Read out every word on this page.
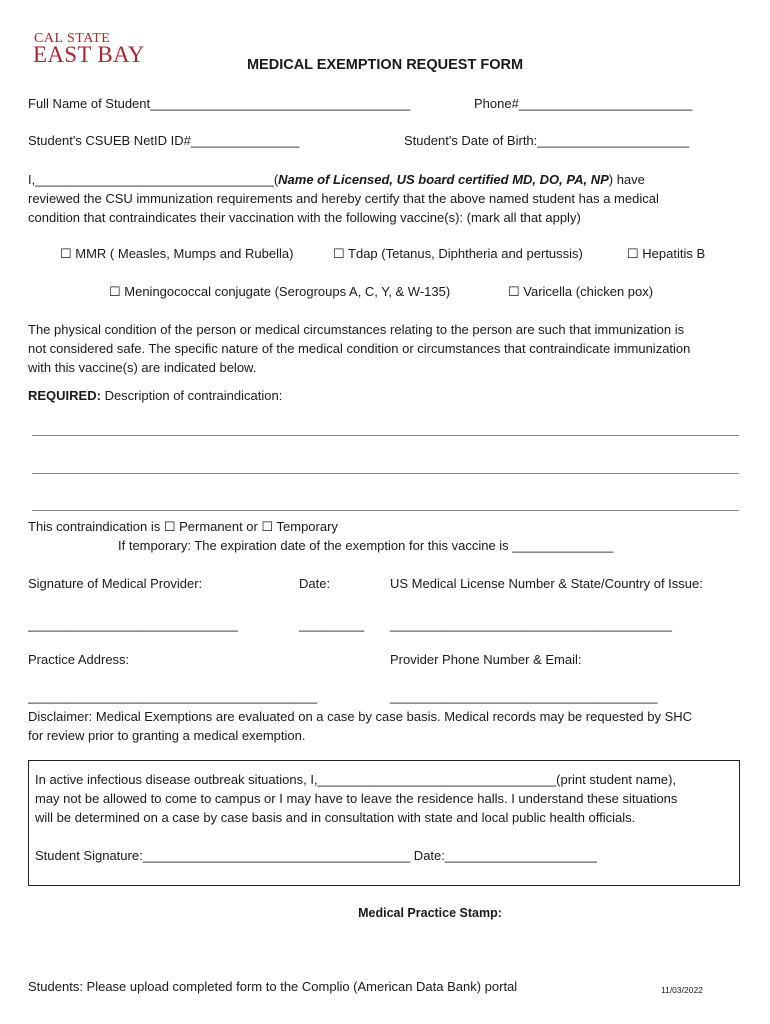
CAL STATE
EAST BAY	MEDICAL EXEMPTION REQUEST FORM
Full Name of Student____________________________________	Phone#________________________
Student's CSUEB NetID ID#_______________	Student's Date of Birth:_____________________

I,_________________________________(Name of Licensed, US board certified MD, DO, PA, NP) have

reviewed the CSU immunization requirements and hereby certify that the above named student has a medical

condition that contraindicates their vaccination with the following vaccine(s): (mark all that apply)

☐ MMR ( Measles, Mumps and Rubella)	☐ Tdap (Tetanus, Diphtheria and pertussis)	☐ Hepatitis B
☐ Meningococcal conjugate (Serogroups A, C, Y, & W-135)	☐ Varicella (chicken pox)

The physical condition of the person or medical circumstances relating to the person are such that immunization is

not considered safe. The specific nature of the medical condition or circumstances that contraindicate immunization

with this vaccine(s) are indicated below.

REQUIRED: Description of contraindication:
This contraindication is ☐ Permanent or ☐ Temporary
If temporary: The expiration date of the exemption for this vaccine is ______________
Signature of Medical Provider:	Date:	US Medical License Number & State/Country of Issue:
_____________________________	_________ _______________________________________
Practice Address:	Provider Phone Number & Email:
________________________________________	_____________________________________

Disclaimer: Medical Exemptions are evaluated on a case by case basis. Medical records may be requested by SHC

for review prior to granting a medical exemption.

In active infectious disease outbreak situations, I,_________________________________(print student name),
may not be allowed to come to campus or I may have to leave the residence halls. I understand these situations
will be determined on a case by case basis and in consultation with state and local public health officials.
Student Signature:_____________________________________ Date:_____________________
Medical Practice Stamp:
Students: Please upload completed form to the Complio (American Data Bank) portal	11/03/2022
